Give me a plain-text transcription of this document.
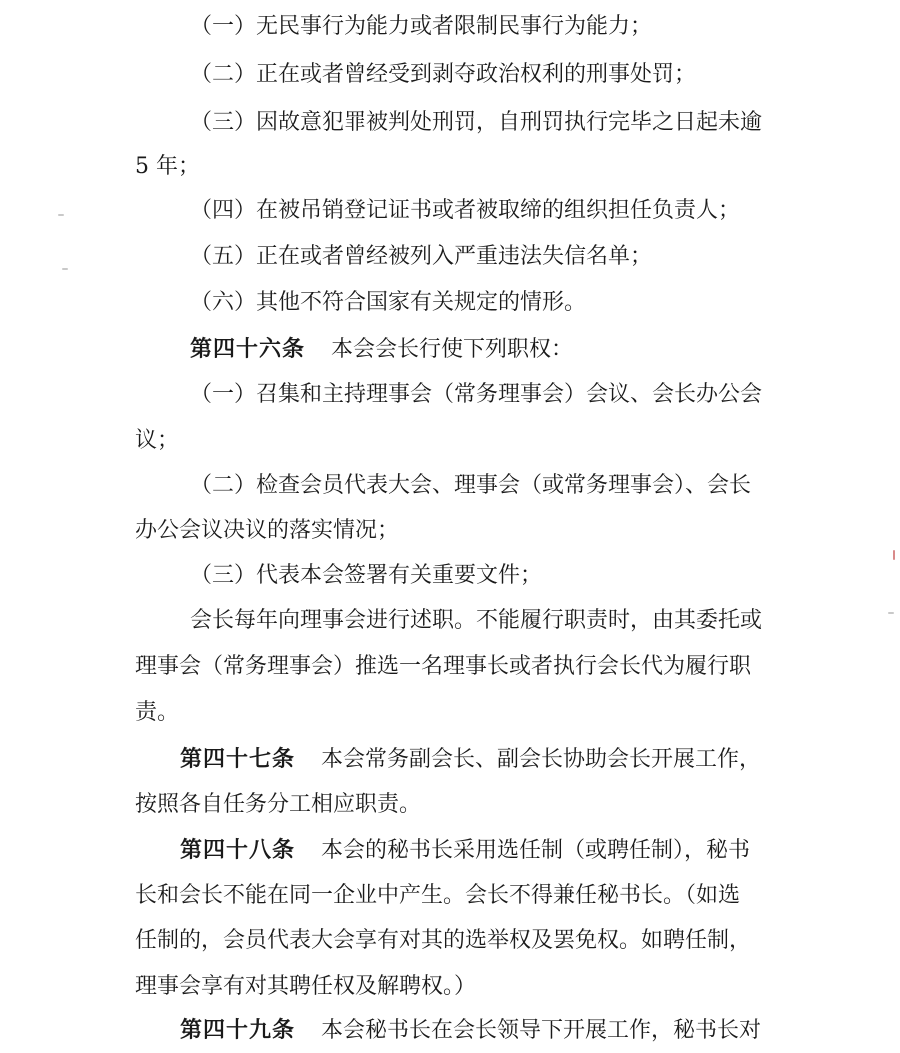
（一）无民事行为能力或者限制民事行为能力；
（二）正在或者曾经受到剥夺政治权利的刑事处罚；
（三）因故意犯罪被判处刑罚，自刑罚执行完毕之日起未逾
5 年；
（四）在被吊销登记证书或者被取缔的组织担任负责人；
（五）正在或者曾经被列入严重违法失信名单；
（六）其他不符合国家有关规定的情形。
第四十六条 本会会长行使下列职权：
（一）召集和主持理事会（常务理事会）会议、会长办公会
议；
（二）检查会员代表大会、理事会（或常务理事会）、会长
办公会议决议的落实情况；
（三）代表本会签署有关重要文件；
会长每年向理事会进行述职。不能履行职责时，由其委托或
理事会（常务理事会）推选一名理事长或者执行会长代为履行职
责。
第四十七条 本会常务副会长、副会长协助会长开展工作，
按照各自任务分工相应职责。
第四十八条 本会的秘书长采用选任制（或聘任制），秘书
长和会长不能在同一企业中产生。会长不得兼任秘书长。（如选
任制的，会员代表大会享有对其的选举权及罢免权。如聘任制，
理事会享有对其聘任权及解聘权。）
第四十九条 本会秘书长在会长领导下开展工作，秘书长对
